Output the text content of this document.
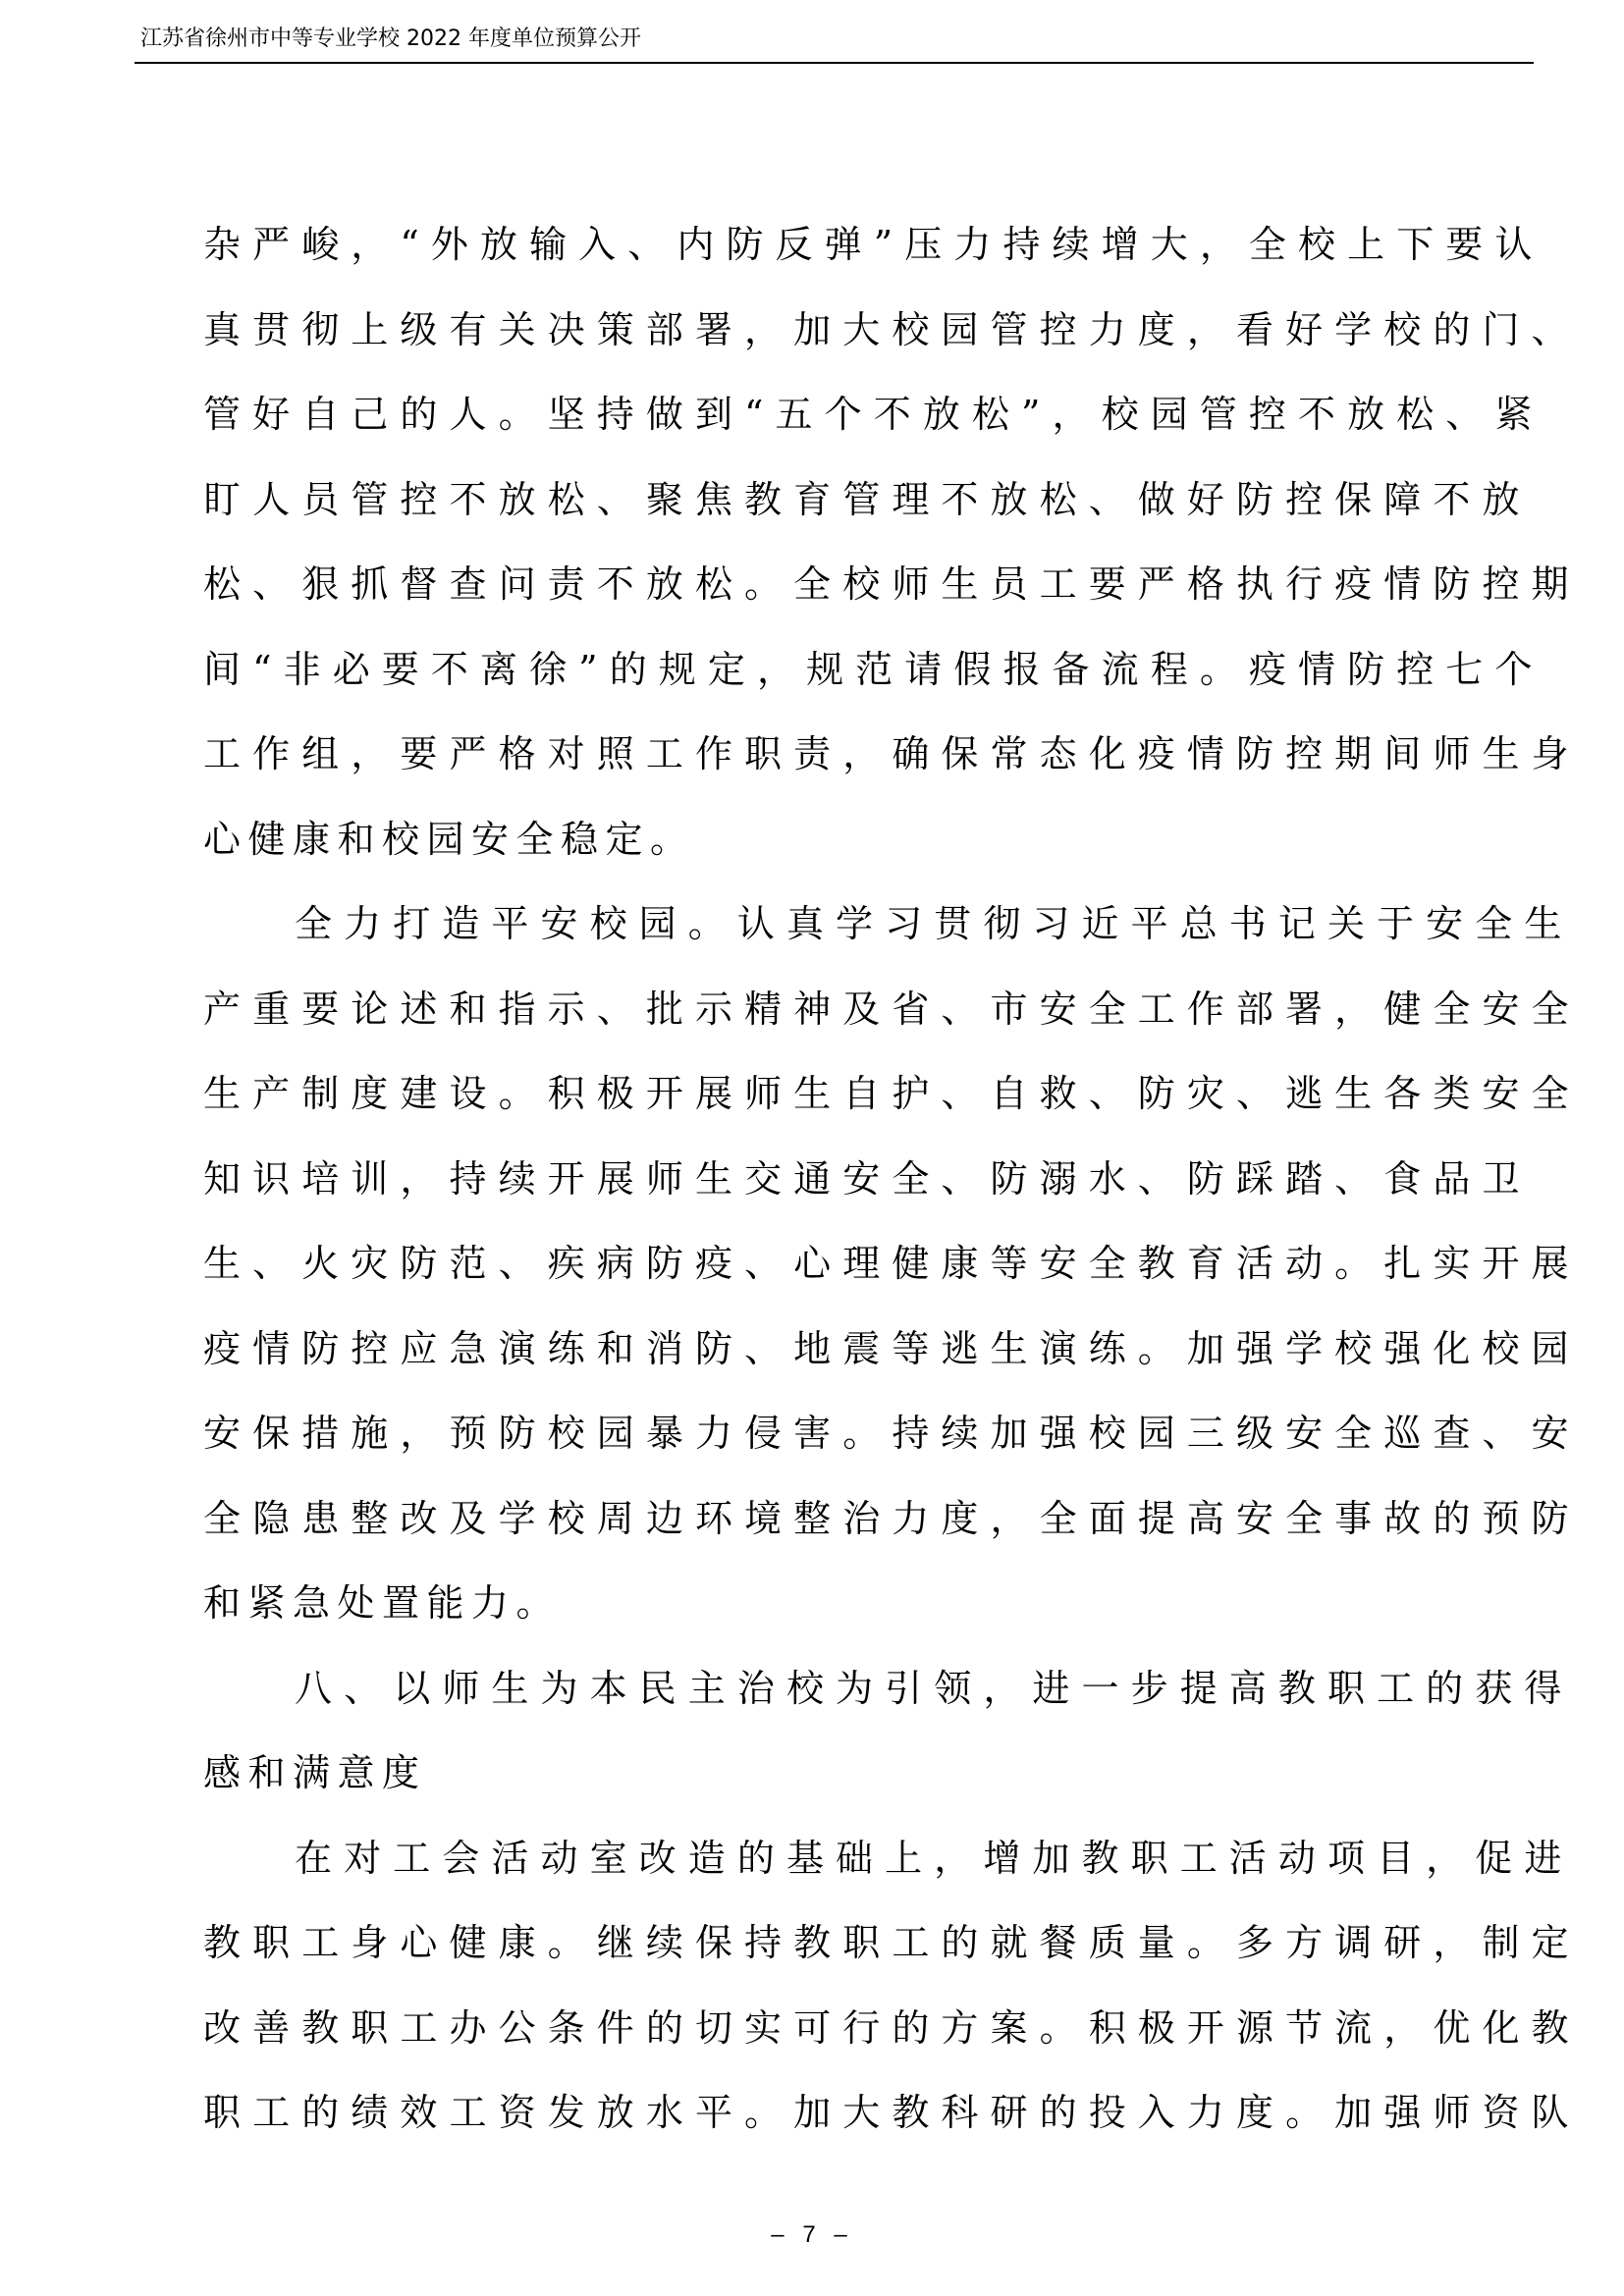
江苏省徐州市中等专业学校 2022 年度单位预算公开
杂 严 峻 ， “ 外 放 输 入 、 内 防 反 弹 ” 压 力 持 续 增 大 ， 全 校 上 下 要 认
真 贯 彻 上 级 有 关 决 策 部 署 ， 加 大 校 园 管 控 力 度 ， 看 好 学 校 的 门 、
管 好 自 己 的 人 。 坚 持 做 到 “ 五 个 不 放 松 ” ， 校 园 管 控 不 放 松 、 紧
盯 人 员 管 控 不 放 松 、 聚 焦 教 育 管 理 不 放 松 、 做 好 防 控 保 障 不 放
松 、 狠 抓 督 查 问 责 不 放 松 。 全 校 师 生 员 工 要 严 格 执 行 疫 情 防 控 期
间 “ 非 必 要 不 离 徐 ” 的 规 定 ， 规 范 请 假 报 备 流 程 。 疫 情 防 控 七 个
工 作 组 ， 要 严 格 对 照 工 作 职 责 ， 确 保 常 态 化 疫 情 防 控 期 间 师 生 身
心健康和校园安全稳定。
全 力 打 造 平 安 校 园 。 认 真 学 习 贯 彻 习 近 平 总 书 记 关 于 安 全 生
产 重 要 论 述 和 指 示 、 批 示 精 神 及 省 、 市 安 全 工 作 部 署 ， 健 全 安 全
生 产 制 度 建 设 。 积 极 开 展 师 生 自 护 、 自 救 、 防 灾 、 逃 生 各 类 安 全
知 识 培 训 ， 持 续 开 展 师 生 交 通 安 全 、 防 溺 水 、 防 踩 踏 、 食 品 卫
生 、 火 灾 防 范 、 疾 病 防 疫 、 心 理 健 康 等 安 全 教 育 活 动 。 扎 实 开 展
疫 情 防 控 应 急 演 练 和 消 防 、 地 震 等 逃 生 演 练 。 加 强 学 校 强 化 校 园
安 保 措 施 ， 预 防 校 园 暴 力 侵 害 。 持 续 加 强 校 园 三 级 安 全 巡 查 、 安
全 隐 患 整 改 及 学 校 周 边 环 境 整 治 力 度 ， 全 面 提 高 安 全 事 故 的 预 防
和紧急处置能力。
八 、 以 师 生 为 本 民 主 治 校 为 引 领 ， 进 一 步 提 高 教 职 工 的 获 得
感和满意度
在 对 工 会 活 动 室 改 造 的 基 础 上 ， 增 加 教 职 工 活 动 项 目 ， 促 进
教 职 工 身 心 健 康 。 继 续 保 持 教 职 工 的 就 餐 质 量 。 多 方 调 研 ， 制 定
改 善 教 职 工 办 公 条 件 的 切 实 可 行 的 方 案 。 积 极 开 源 节 流 ， 优 化 教
职 工 的 绩 效 工 资 发 放 水 平 。 加 大 教 科 研 的 投 入 力 度 。 加 强 师 资 队
– 7 –
